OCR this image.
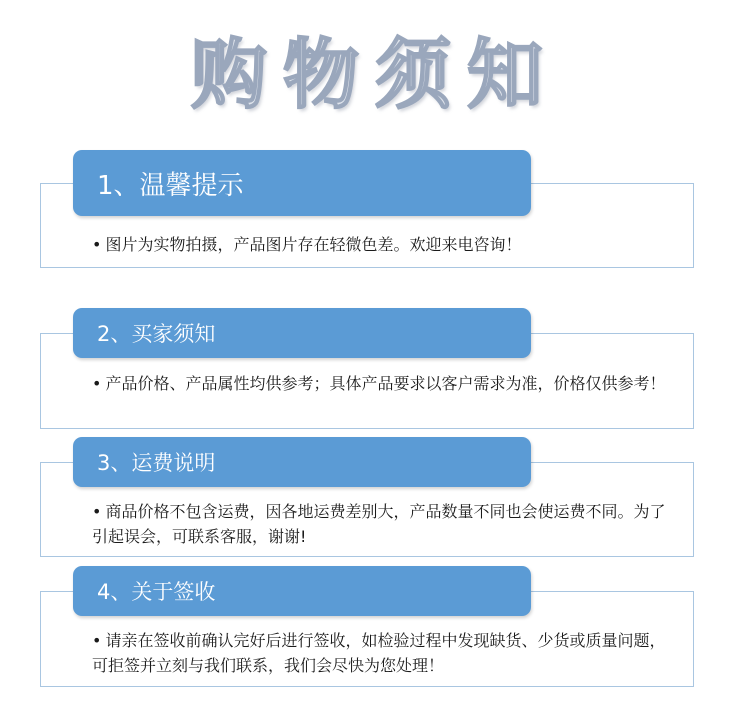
购物须知
1、温馨提示
• 图片为实物拍摄，产品图片存在轻微色差。欢迎来电咨询！
2、买家须知
• 产品价格、产品属性均供参考；具体产品要求以客户需求为准，价格仅供参考！
3、运费说明
• 商品价格不包含运费，因各地运费差别大，产品数量不同也会使运费不同。为了引起误会，可联系客服，谢谢!
4、关于签收
• 请亲在签收前确认完好后进行签收，如检验过程中发现缺货、少货或质量问题，可拒签并立刻与我们联系，我们会尽快为您处理！
